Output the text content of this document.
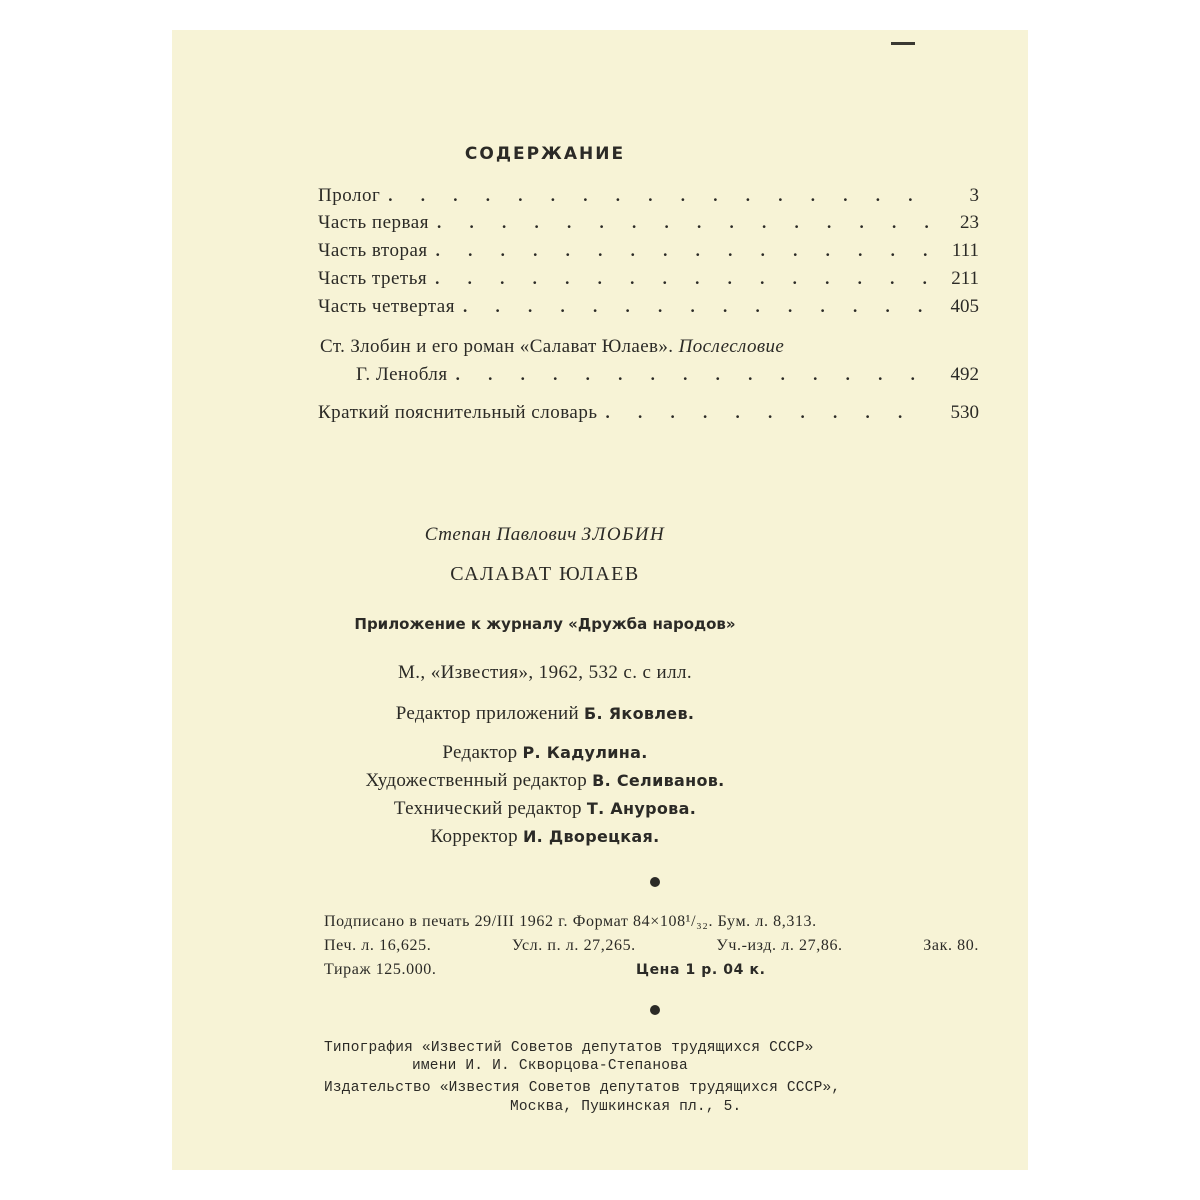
СОДЕРЖАНИЕ
Пролог . . .	3
Часть первая . . .	23
Часть вторая . . .	111
Часть третья . . .	211
Часть четвертая . . .	405
Ст. Злобин и его роман «Салават Юлаев». Послесловие
Г. Ленобля . . .	492
Краткий пояснительный словарь . . .	530
Степан Павлович ЗЛОБИН
САЛАВАТ ЮЛАЕВ
Приложение к журналу «Дружба народов»
М., «Известия», 1962, 532 с. с илл.
Редактор приложений Б. Яковлев.
Редактор Р. Кадулина.
Художественный редактор В. Селиванов.
Технический редактор Т. Анурова.
Корректор И. Дворецкая.
Подписано в печать 29/III 1962 г. Формат 84×108¹/₃₂. Бум. л. 8,313.
Печ. л. 16,625.	Усл. п. л. 27,265.	Уч.-изд. л. 27,86.	Зак. 80.
Тираж 125.000.	Цена 1 р. 04 к.
Типография «Известий Советов депутатов трудящихся СССР»
имени И. И. Скворцова-Степанова
Издательство «Известия Советов депутатов трудящихся СССР»,
Москва, Пушкинская пл., 5.
